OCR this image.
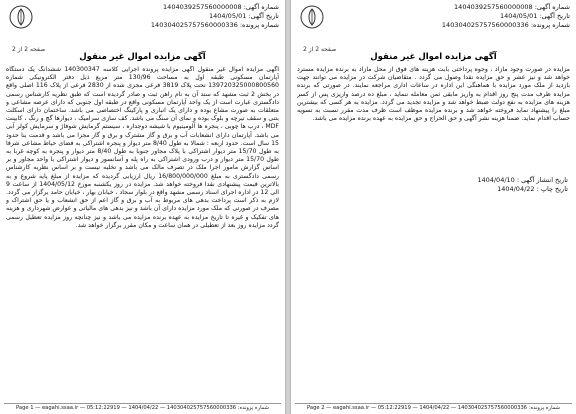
شماره آگهی: 1404039257560000008
تاریخ آگهی: 1404/05/01
شماره پرونده: 140304025757560000336
صفحه 2 از 2
آگهی مزایده اموال غیر منقول
آگهی مزایده اموال غیر منقول آگهی مزایده پرونده اجرایی کلاسه 140300347 ششدانگ یک دستگاه آپارتمان مسکونی طبقه اول به مساحت 130/96 متر مربع ذیل دفتر الکترونیکی شماره 139720325000800560 تحت پلاک 3819 فرعی مجزی شده از 2830 فرعی از پلاک 116 اصلی واقع در بخش 2 ثبت مشهد که سند آن به نام راهن ثبت و صادر گردیده است که طبق نظریه کارشناس رسمی دادگستری عبارت است از یک واحد آپارتمان مسکونی واقع در طبقه اول جنوبی که دارای عرصه مشاعی و متعلقات به صورت مشاع بوده و دارای یک انباری و پارکینگ اختصاصی می باشد. ساختمان دارای اسکلت بتنی و سقف تیرچه و بلوک بوده و نمای آن سنگ می باشد. کف سازی سرامیک ، دیوارها گچ و رنگ ، کابینت MDF ، درب ها چوبی ، پنجره ها آلومینیوم با شیشه دوجداره ، سیستم گرمایش شوفاژ و سرمایش کولر آبی می باشد. آپارتمان دارای انشعابات آب و برق و گاز مشترک و برق و گاز مجزا می باشد و قدمت بنا حدود 15 سال است. حدود اربعه : شمالا به طول 8/40 متر دیوار و پنجره اشتراکی به فضای حیاط مشاعی شرقا به طول 15/70 متر دیوار اشتراکی با پلاک مجاور جنوبا به طول 8/40 متر دیوار و پنجره به کوچه غربا به طول 15/70 متر دیوار و درب ورودی اشتراکی به راه پله و آسانسور و دیوار اشتراکی با واحد مجاور و بر اساس گزارش مامور اجرا ملک در تصرف مالک می باشد و تخلیه نیست و بر اساس نظریه کارشناس رسمی دادگستری به مبلغ 16/800/000/000 ریال ارزیابی گردیده که مزایده از مبلغ پایه شروع و به بالاترین قیمت پیشنهادی نقدا فروخته خواهد شد. مزایده در روز یکشنبه مورخ 1404/05/12 از ساعت 9 الی 12 در اداره اجرای اسناد رسمی مشهد واقع در بلوار سجاد ، خیابان بهار ، خیابان حامد برگزار می گردد. لازم به ذکر است پرداخت بدهی های مربوط به آب و برق و گاز اعم از حق انشعاب و یا حق اشتراک و مصرف در صورتی که ملک مورد مزایده دارای آن باشد و نیز بدهی های مالیاتی و عوارض شهرداری و هزینه های تفکیک و غیره تا تاریخ مزایده به عهده برنده مزایده می باشد و نیز چنانچه روز مزایده تعطیل رسمی گردد مزایده روز بعد از تعطیلی در همان ساعت و مکان مقرر برگزار خواهد شد.
Page 1 — eagahi.ssaa.ir — شماره پرونده: 140304025757560000336 — 1404/04/22 — 05:12:22919
شماره آگهی: 1404039257560000008
تاریخ آگهی: 1404/05/01
شماره پرونده: 140304025757560000336
صفحه 2 از 2
آگهی مزایده اموال غیر منقول
مزایده در صورت وجود مازاد ، وجوه پرداختی بابت هزینه های فوق از محل مازاد به برنده مزایده مسترد خواهد شد و نیز عشر و حق مزایده نقدا وصول می گردد . متقاضیان شرکت در مزایده می توانند جهت بازدید از ملک مورد مزایده با هماهنگی این اداره در ساعات اداری مراجعه نمایند. در صورتی که برنده مزایده ظرف مدت پنج روز اقدام به واریز مابقی ثمن معامله ننماید ، مبلغ ده درصد واریزی پس از کسر هزینه های مزایده به نفع دولت ضبط خواهد شد و مزایده تجدید می گردد. مزایده به هر کسی که بیشترین مبلغ را پیشنهاد نماید فروخته خواهد شد و برنده مزایده موظف است ظرف مدت مقرر نسبت به تسویه حساب اقدام نماید. ضمنا هزینه نشر آگهی و حق الحراج و حق مزایده به عهده برنده مزایده می باشد.
تاریخ انتشار آگهی : 1404/04/10
تاریخ چاپ : 1404/04/22
Page 2 — eagahi.ssaa.ir — شماره پرونده: 140304025757560000336 — 1404/04/22 — 05:12:22919
